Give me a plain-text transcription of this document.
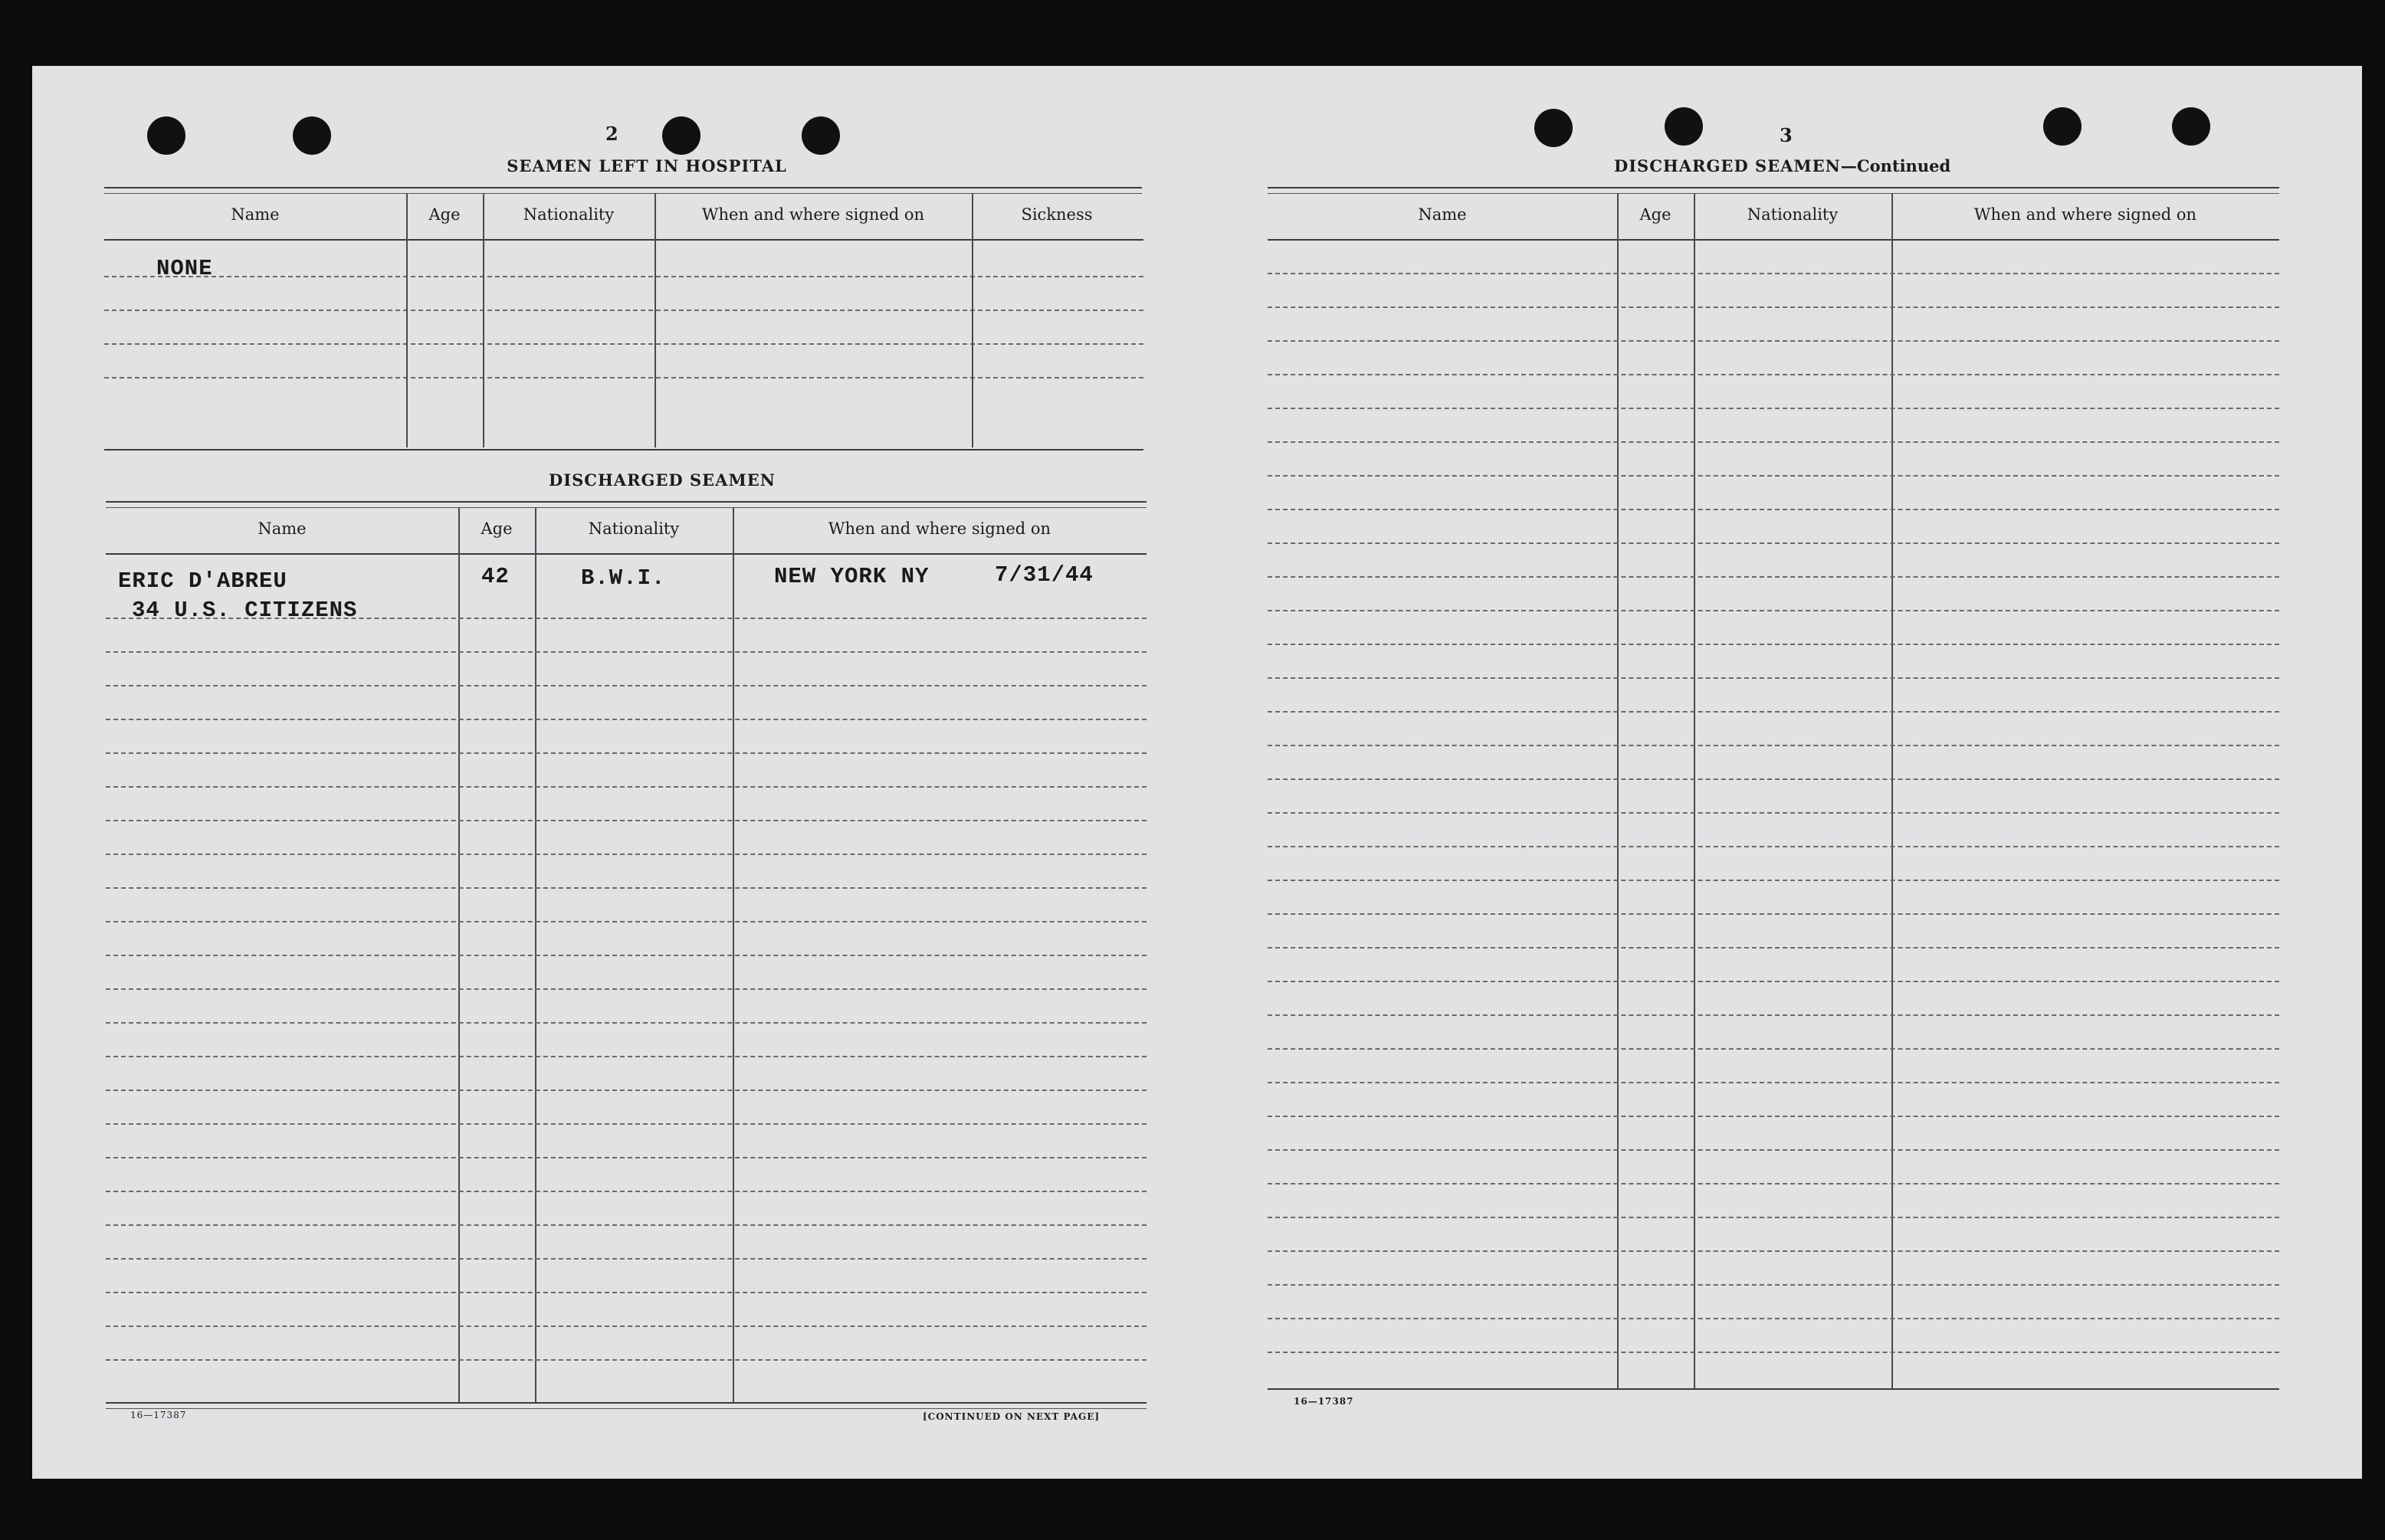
2
SEAMEN LEFT IN HOSPITAL
Name	Age	Nationality	When and where signed on	Sickness
NONE
DISCHARGED SEAMEN
Name	Age	Nationality	When and where signed on
ERIC D'ABREU	42	B.W.I.	NEW YORK NY	7/31/44
34 U.S. CITIZENS
16—17387	[CONTINUED ON NEXT PAGE]
3
DISCHARGED SEAMEN—Continued
Name	Age	Nationality	When and where signed on
16—17387
